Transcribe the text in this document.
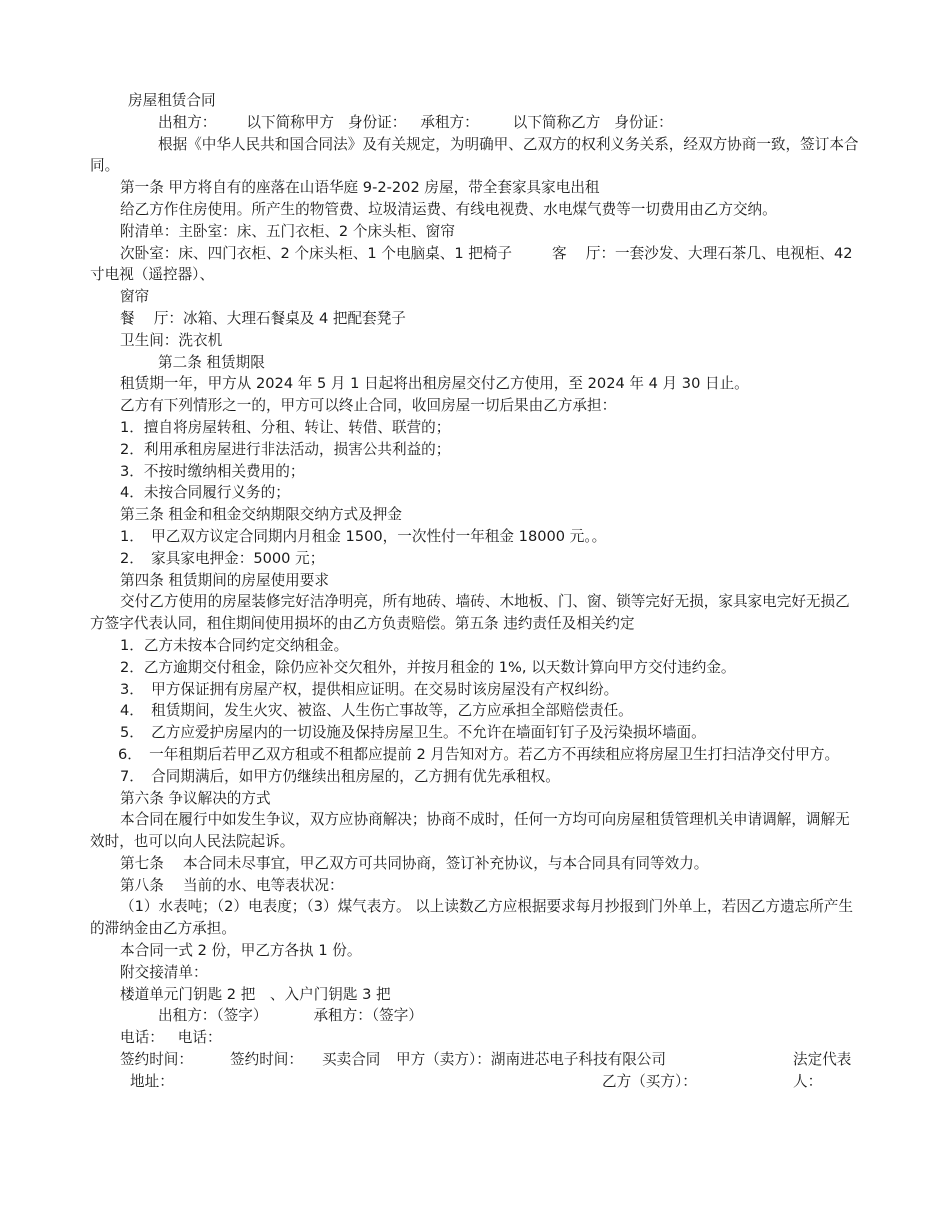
房屋租赁合同
出租方： 以下简称甲方 身份证： 承租方： 以下简称乙方 身份证：
根据《中华人民共和国合同法》及有关规定，为明确甲、乙双方的权利义务关系，经双方协商一致，签订本合同。
第一条 甲方将自有的座落在山语华庭 9-2-202 房屋，带全套家具家电出租
给乙方作住房使用。所产生的物管费、垃圾清运费、有线电视费、水电煤气费等一切费用由乙方交纳。
附清单：主卧室：床、五门衣柜、2 个床头柜、窗帘
次卧室：床、四门衣柜、2 个床头柜、1 个电脑桌、1 把椅子	客　 厅：一套沙发、大理石茶几、电视柜、42 寸电视（遥控器）、
窗帘
餐　 厅：冰箱、大理石餐桌及 4 把配套凳子
卫生间：洗衣机
第二条 租赁期限
租赁期一年，甲方从 2024 年 5 月 1 日起将出租房屋交付乙方使用，至 2024 年 4 月 30 日止。
乙方有下列情形之一的，甲方可以终止合同，收回房屋一切后果由乙方承担：
1．擅自将房屋转租、分租、转让、转借、联营的；
2．利用承租房屋进行非法活动，损害公共利益的；
3．不按时缴纳相关费用的；
4．未按合同履行义务的；
第三条 租金和租金交纳期限交纳方式及押金
1．　甲乙双方议定合同期内月租金 1500，一次性付一年租金 18000 元。。
2．　家具家电押金：5000 元；
第四条 租赁期间的房屋使用要求
交付乙方使用的房屋装修完好洁净明亮，所有地砖、墙砖、木地板、门、窗、锁等完好无损，家具家电完好无损乙方签字代表认同，租住期间使用损坏的由乙方负责赔偿。第五条 违约责任及相关约定
1．乙方未按本合同约定交纳租金。
2．乙方逾期交付租金，除仍应补交欠租外，并按月租金的 1%, 以天数计算向甲方交付违约金。
3．　甲方保证拥有房屋产权，提供相应证明。在交易时该房屋没有产权纠纷。
4．　租赁期间，发生火灾、被盗、人生伤亡事故等，乙方应承担全部赔偿责任。
5．　乙方应爱护房屋内的一切设施及保持房屋卫生。不允许在墙面钉钉子及污染损坏墙面。
6．　一年租期后若甲乙双方租或不租都应提前 2 月告知对方。若乙方不再续租应将房屋卫生打扫洁净交付甲方。
7．　合同期满后，如甲方仍继续出租房屋的，乙方拥有优先承租权。
第六条 争议解决的方式
本合同在履行中如发生争议，双方应协商解决；协商不成时，任何一方均可向房屋租赁管理机关申请调解，调解无效时，也可以向人民法院起诉。
第七条　 本合同未尽事宜，甲乙双方可共同协商，签订补充协议，与本合同具有同等效力。
第八条　 当前的水、电等表状况：
（1）水表吨；（2）电表度；（3）煤气表方。 以上读数乙方应根据要求每月抄报到门外单上，若因乙方遗忘所产生的滞纳金由乙方承担。
本合同一式 2 份，甲乙方各执 1 份。
附交接清单：
楼道单元门钥匙 2 把　、入户门钥匙 3 把
出租方：（签字）	承租方：（签字）
电话： 电话：
签约时间：	签约时间： 买卖合同 甲方（卖方）：湖南进芯电子科技有限公司	法定代表人：
地址：	乙方（买方）：
